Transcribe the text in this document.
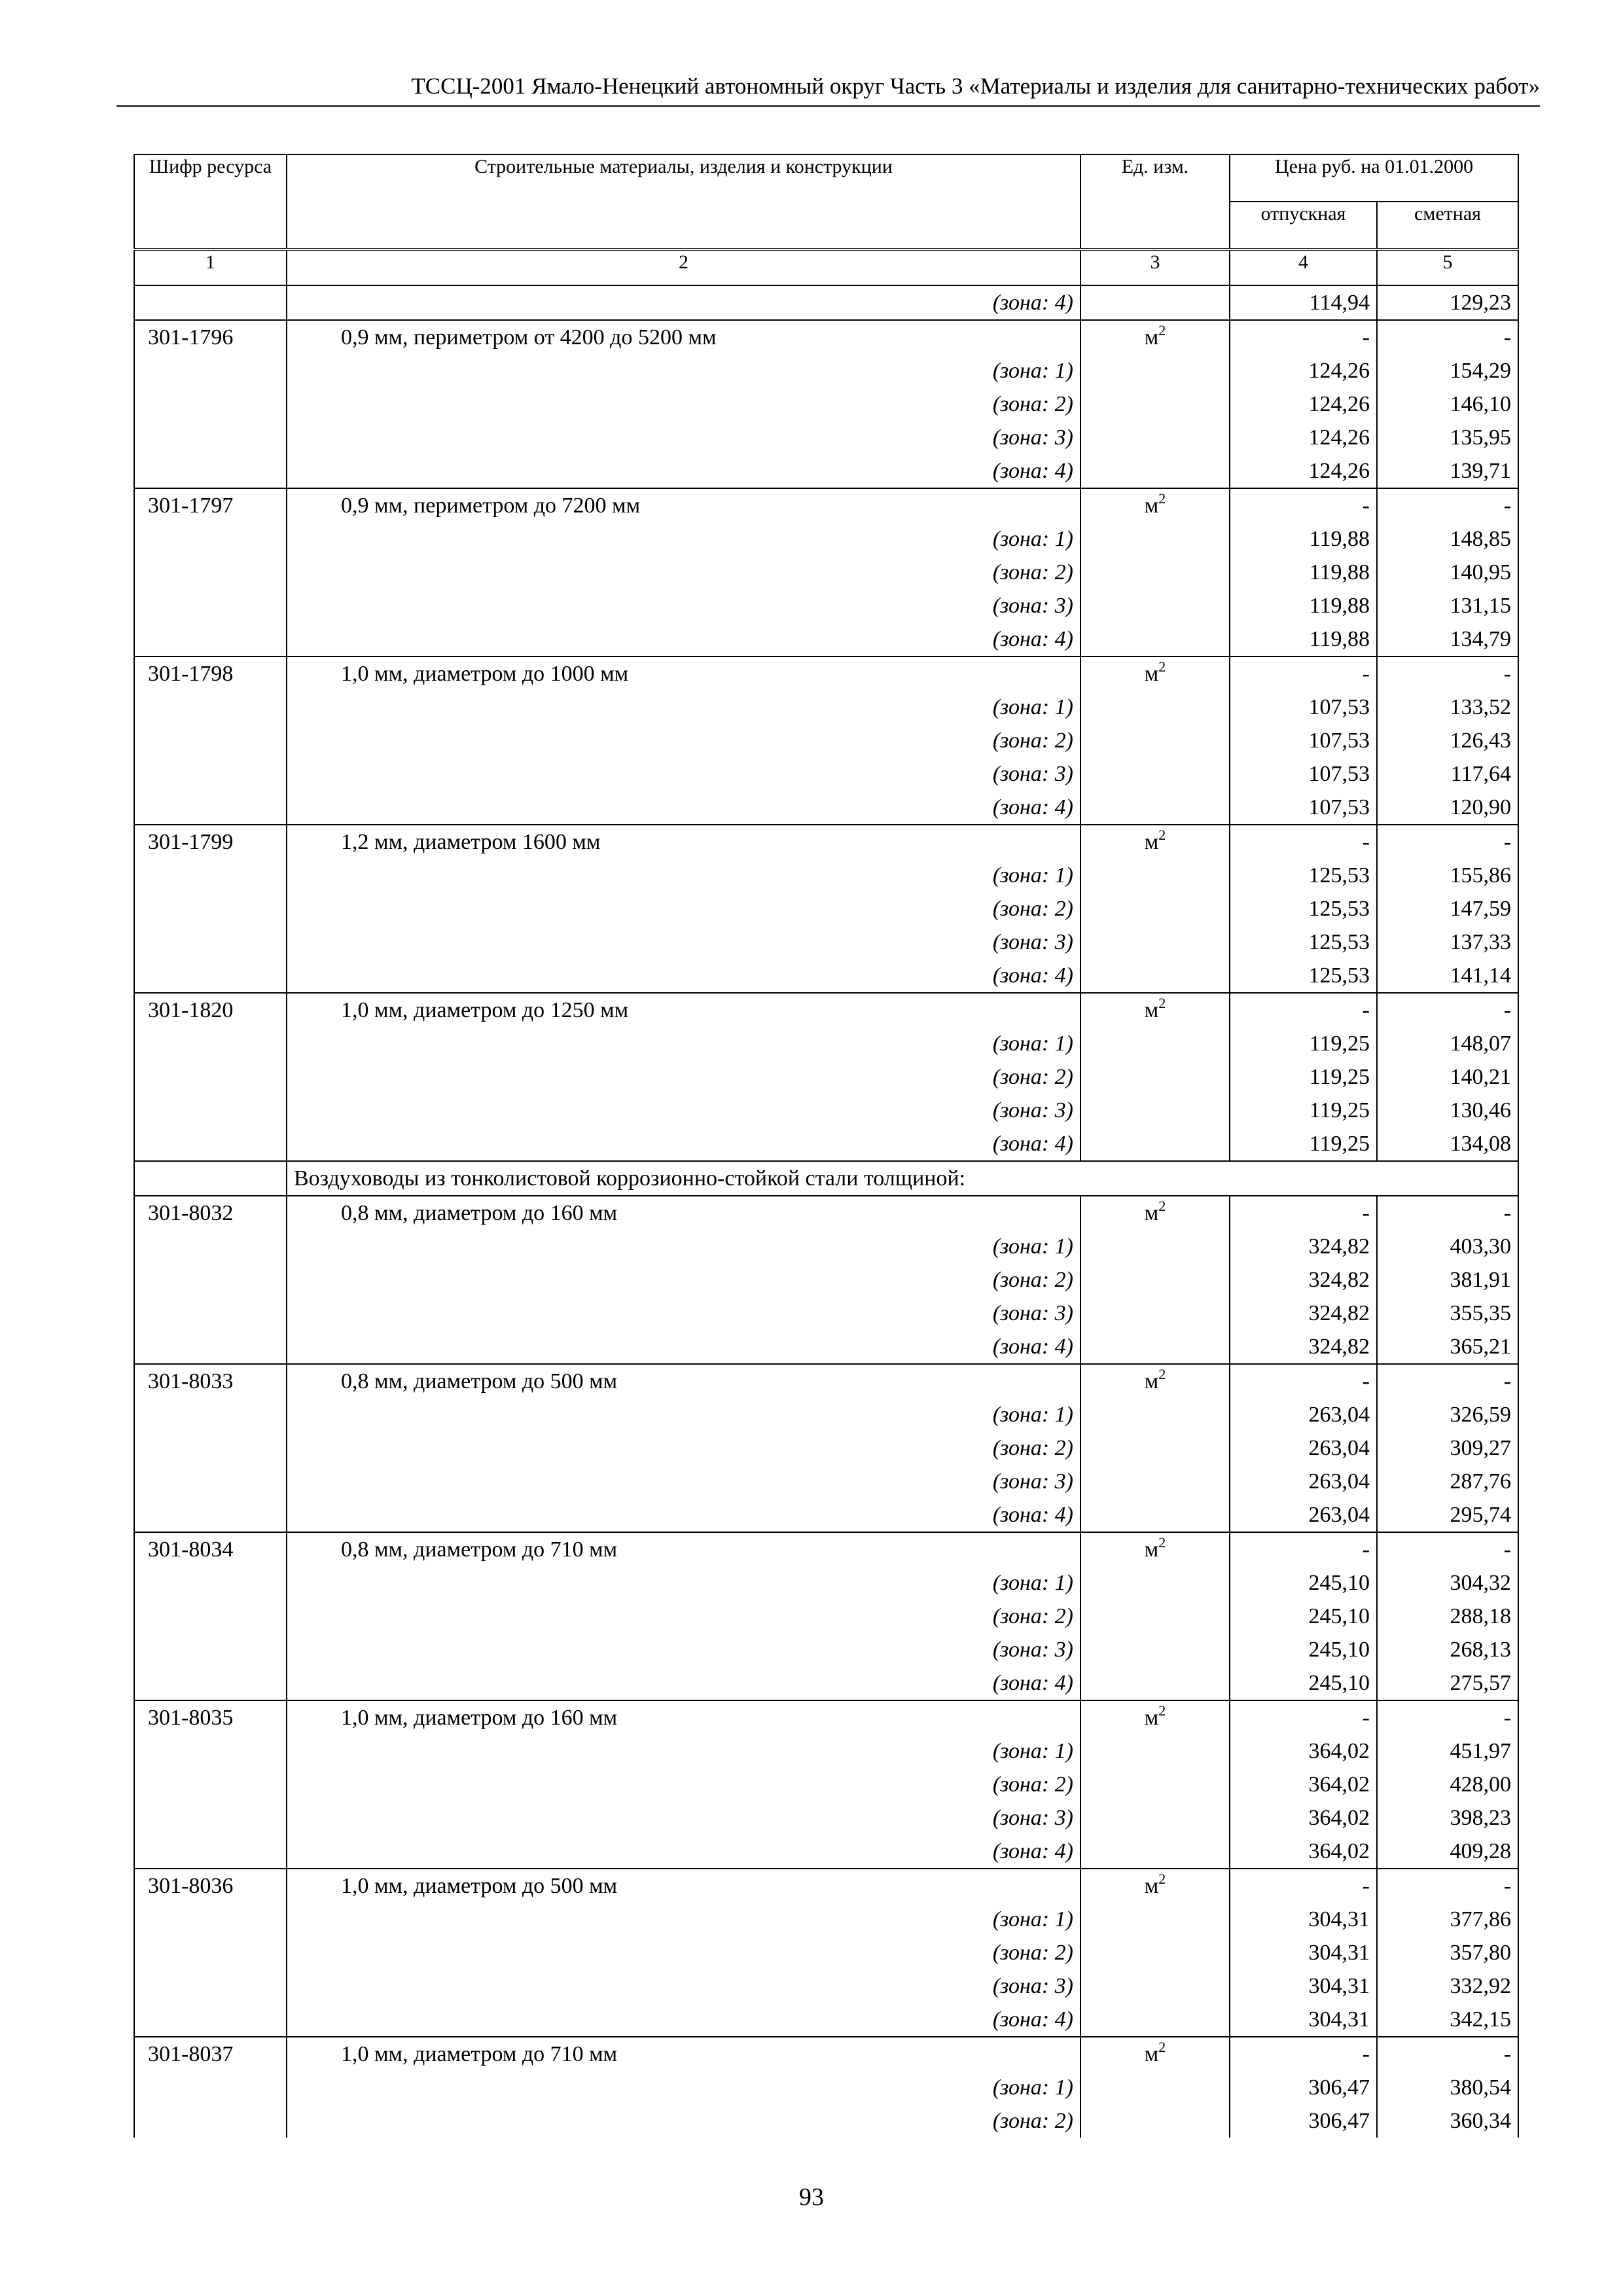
ТССЦ-2001 Ямало-Ненецкий автономный округ Часть 3 «Материалы и изделия для санитарно-технических работ»
Шифр ресурса	Строительные материалы, изделия и конструкции	Ед. изм.	Цена руб. на 01.01.2000	
			отпускная	сметная
1	2	3	4	5
	(зона: 4)		114,94	129,23
301-1796	0,9 мм, периметром от 4200 до 5200 мм	$м^2$	-	-
	(зона: 1)		124,26	154,29
	(зона: 2)		124,26	146,10
	(зона: 3)		124,26	135,95
	(зона: 4)		124,26	139,71
301-1797	0,9 мм, периметром до 7200 мм	$м^2$	-	-
	(зона: 1)		119,88	148,85
	(зона: 2)		119,88	140,95
	(зона: 3)		119,88	131,15
	(зона: 4)		119,88	134,79
301-1798	1,0 мм, диаметром до 1000 мм	$м^2$	-	-
	(зона: 1)		107,53	133,52
	(зона: 2)		107,53	126,43
	(зона: 3)		107,53	117,64
	(зона: 4)		107,53	120,90
301-1799	1,2 мм, диаметром 1600 мм	$м^2$	-	-
	(зона: 1)		125,53	155,86
	(зона: 2)		125,53	147,59
	(зона: 3)		125,53	137,33
	(зона: 4)		125,53	141,14
301-1820	1,0 мм, диаметром до 1250 мм	$м^2$	-	-
	(зона: 1)		119,25	148,07
	(зона: 2)		119,25	140,21
	(зона: 3)		119,25	130,46
	(зона: 4)		119,25	134,08
	Воздуховоды из тонколистовой коррозионно-стойкой стали толщиной:			
301-8032	0,8 мм, диаметром до 160 мм	$м^2$	-	-
	(зона: 1)		324,82	403,30
	(зона: 2)		324,82	381,91
	(зона: 3)		324,82	355,35
	(зона: 4)		324,82	365,21
301-8033	0,8 мм, диаметром до 500 мм	$м^2$	-	-
	(зона: 1)		263,04	326,59
	(зона: 2)		263,04	309,27
	(зона: 3)		263,04	287,76
	(зона: 4)		263,04	295,74
301-8034	0,8 мм, диаметром до 710 мм	$м^2$	-	-
	(зона: 1)		245,10	304,32
	(зона: 2)		245,10	288,18
	(зона: 3)		245,10	268,13
	(зона: 4)		245,10	275,57
301-8035	1,0 мм, диаметром до 160 мм	$м^2$	-	-
	(зона: 1)		364,02	451,97
	(зона: 2)		364,02	428,00
	(зона: 3)		364,02	398,23
	(зона: 4)		364,02	409,28
301-8036	1,0 мм, диаметром до 500 мм	$м^2$	-	-
	(зона: 1)		304,31	377,86
	(зона: 2)		304,31	357,80
	(зона: 3)		304,31	332,92
	(зона: 4)		304,31	342,15
301-8037	1,0 мм, диаметром до 710 мм	$м^2$	-	-
	(зона: 1)		306,47	380,54
	(зона: 2)		306,47	360,34
93
